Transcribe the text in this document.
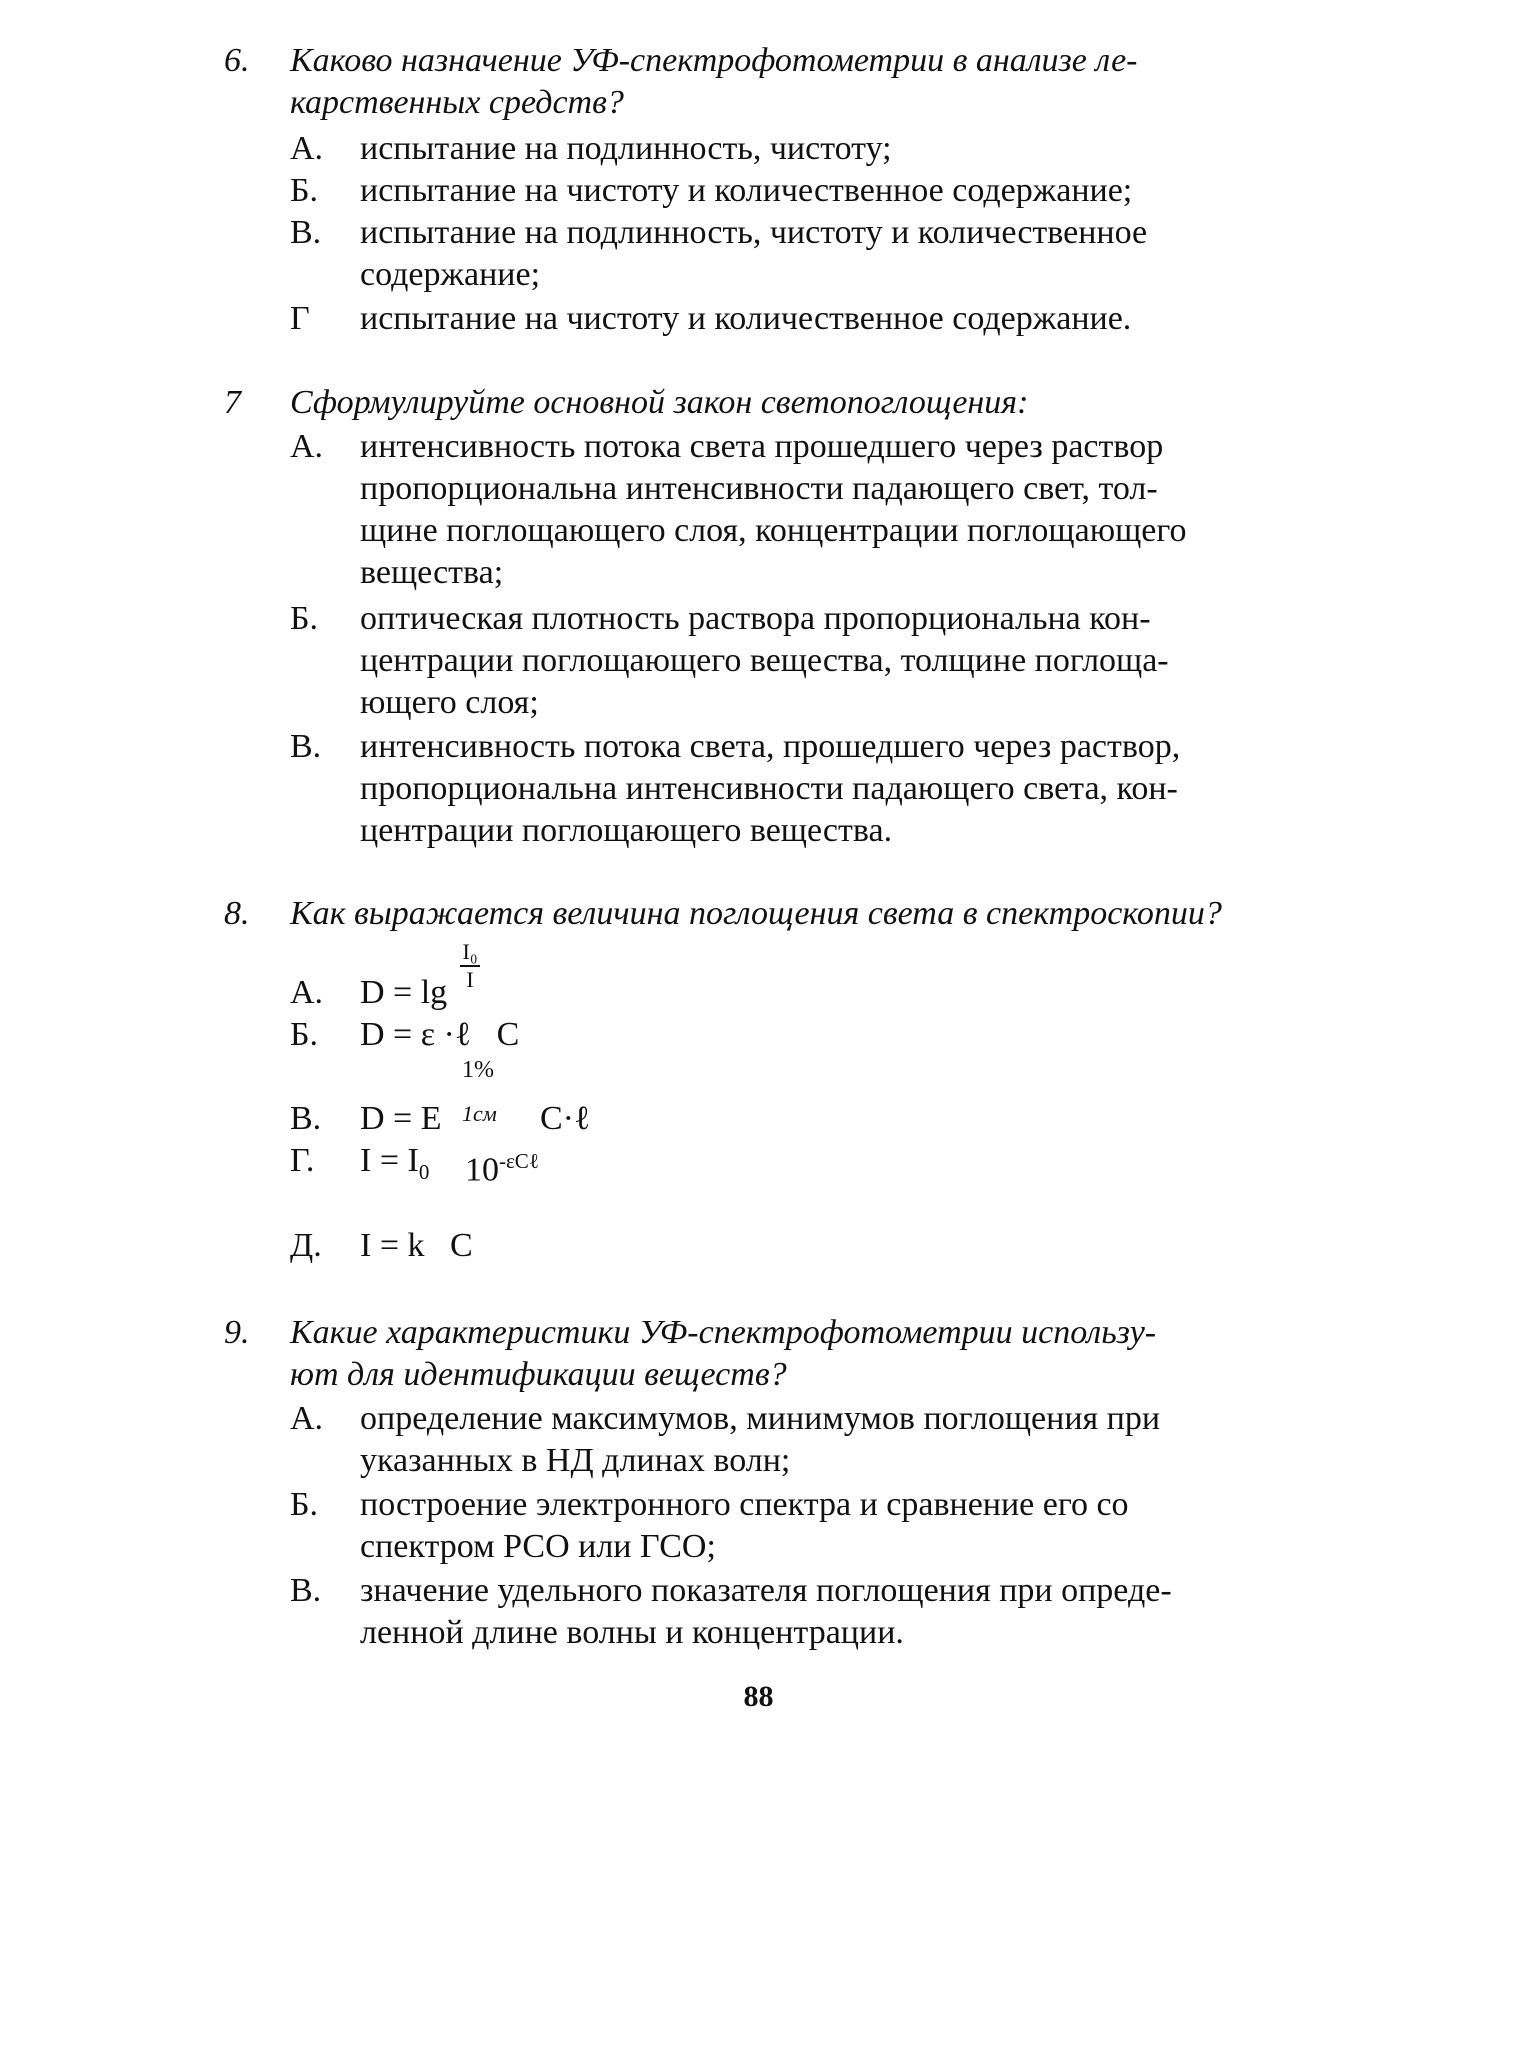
6. Каково назначение УФ-спектрофотометрии в анализе ле-
карственных средств?
А. испытание на подлинность, чистоту;
Б. испытание на чистоту и количественное содержание;
В. испытание на подлинность, чистоту и количественное
содержание;
Г испытание на чистоту и количественное содержание.
7 Сформулируйте основной закон светопоглощения:
А. интенсивность потока света прошедшего через раствор
пропорциональна интенсивности падающего свет, тол-
щине поглощающего слоя, концентрации поглощающего
вещества;
Б. оптическая плотность раствора пропорциональна кон-
центрации поглощающего вещества, толщине поглоща-
ющего слоя;
В. интенсивность потока света, прошедшего через раствор,
пропорциональна интенсивности падающего света, кон-
центрации поглощающего вещества.
8. Как выражается величина поглощения света в спектроскопии?
А. D = lg
I₀
I
Б. D = ε ·ℓ   C
В. D = E
1%
1см C·ℓ
Г. $I = I_0$ $10^{-\varepsilon C\ell}$
Д. I = k   C
9. Какие характеристики УФ-спектрофотометрии использу-
ют для идентификации веществ?
А. определение максимумов, минимумов поглощения при
указанных в НД длинах волн;
Б. построение электронного спектра и сравнение его со
спектром РСО или ГСО;
В. значение удельного показателя поглощения при опреде-
ленной длине волны и концентрации.
88
